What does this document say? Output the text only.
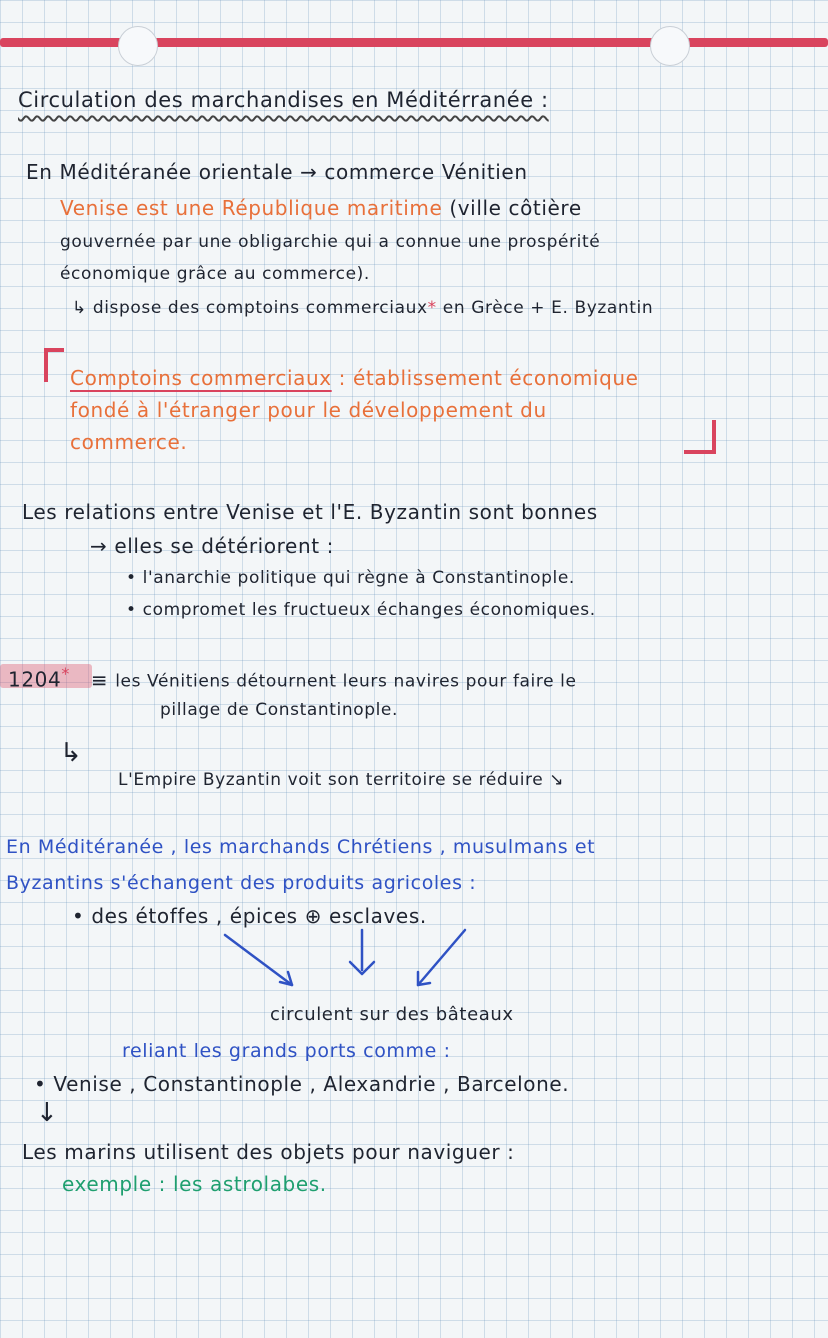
Circulation des marchandises en Méditérranée :
En Méditéranée orientale → commerce Vénitien
Venise est une République maritime (ville côtière
gouvernée par une obligarchie qui a connue une prospérité
économique grâce au commerce).
↳ dispose des comptoins commerciaux* en Grèce + E. Byzantin
Comptoins commerciaux : établissement économique
fondé à l'étranger pour le développement du
commerce.
Les relations entre Venise et l'E. Byzantin sont bonnes
→ elles se détériorent :
• l'anarchie politique qui règne à Constantinople.
• compromet les fructueux échanges économiques.
1204* ≡ les Vénitiens détournent leurs navires pour faire le
pillage de Constantinople.
↳
L'Empire Byzantin voit son territoire se réduire ↘
En Méditéranée , les marchands Chrétiens , musulmans et
Byzantins s'échangent des produits agricoles :
• des étoffes , épices ⊕ esclaves.
circulent sur des bâteaux
reliant les grands ports comme :
• Venise , Constantinople , Alexandrie , Barcelone.
↓
Les marins utilisent des objets pour naviguer :
exemple : les astrolabes.
